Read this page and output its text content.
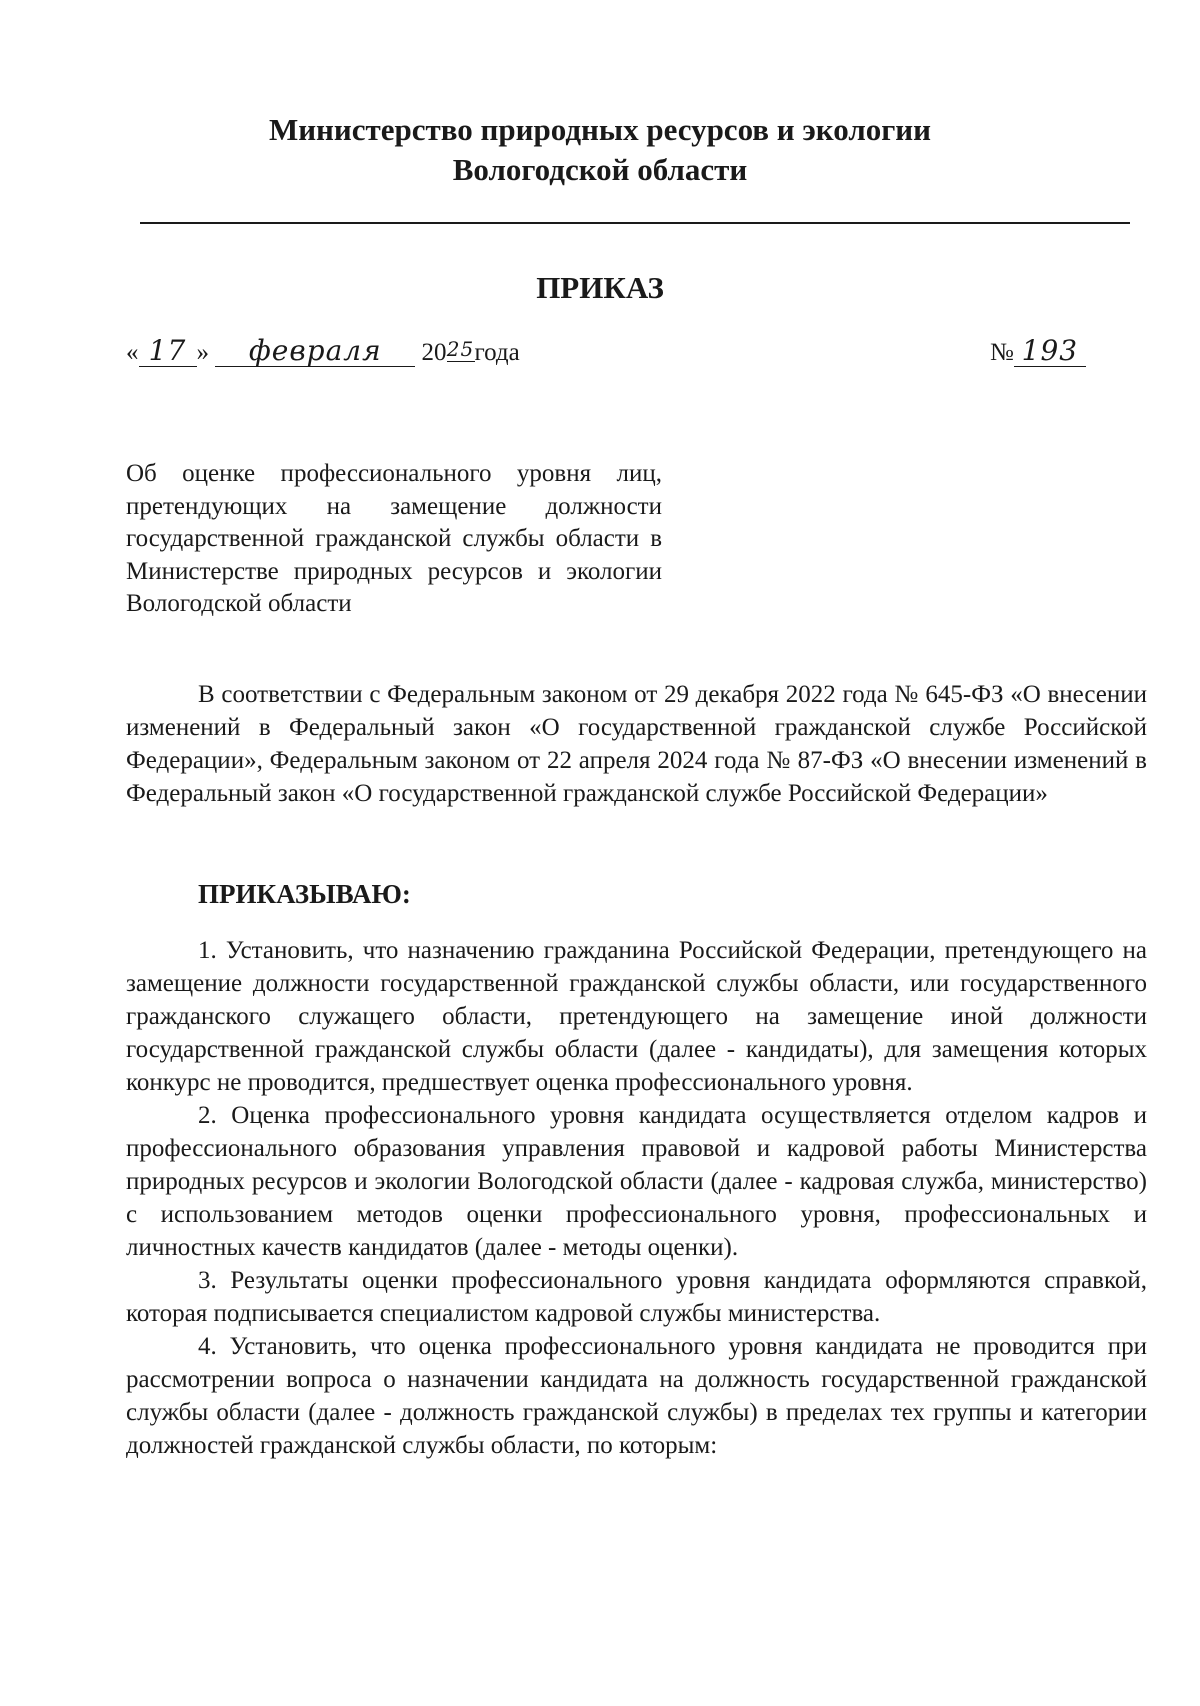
Министерство природных ресурсов и экологии
Вологодской области
ПРИКАЗ
« 17 » февраля 2025года	№ 193
Об оценке профессионального уровня лиц, претендующих на замещение должности государственной гражданской службы области в Министерстве природных ресурсов и экологии Вологодской области

В соответствии с Федеральным законом от 29 декабря 2022 года № 645-ФЗ «О внесении изменений в Федеральный закон «О государственной гражданской службе Российской Федерации», Федеральным законом от 22 апреля 2024 года № 87-ФЗ «О внесении изменений в Федеральный закон «О государственной гражданской службе Российской Федерации»

ПРИКАЗЫВАЮ:

1. Установить, что назначению гражданина Российской Федерации, претендующего на замещение должности государственной гражданской службы области, или государственного гражданского служащего области, претендующего на замещение иной должности государственной гражданской службы области (далее - кандидаты), для замещения которых конкурс не проводится, предшествует оценка профессионального уровня.

2. Оценка профессионального уровня кандидата осуществляется отделом кадров и профессионального образования управления правовой и кадровой работы Министерства природных ресурсов и экологии Вологодской области (далее - кадровая служба, министерство) с использованием методов оценки профессионального уровня, профессиональных и личностных качеств кандидатов (далее - методы оценки).

3. Результаты оценки профессионального уровня кандидата оформляются справкой, которая подписывается специалистом кадровой службы министерства.

4. Установить, что оценка профессионального уровня кандидата не проводится при рассмотрении вопроса о назначении кандидата на должность государственной гражданской службы области (далее - должность гражданской службы) в пределах тех группы и категории должностей гражданской службы области, по которым:
